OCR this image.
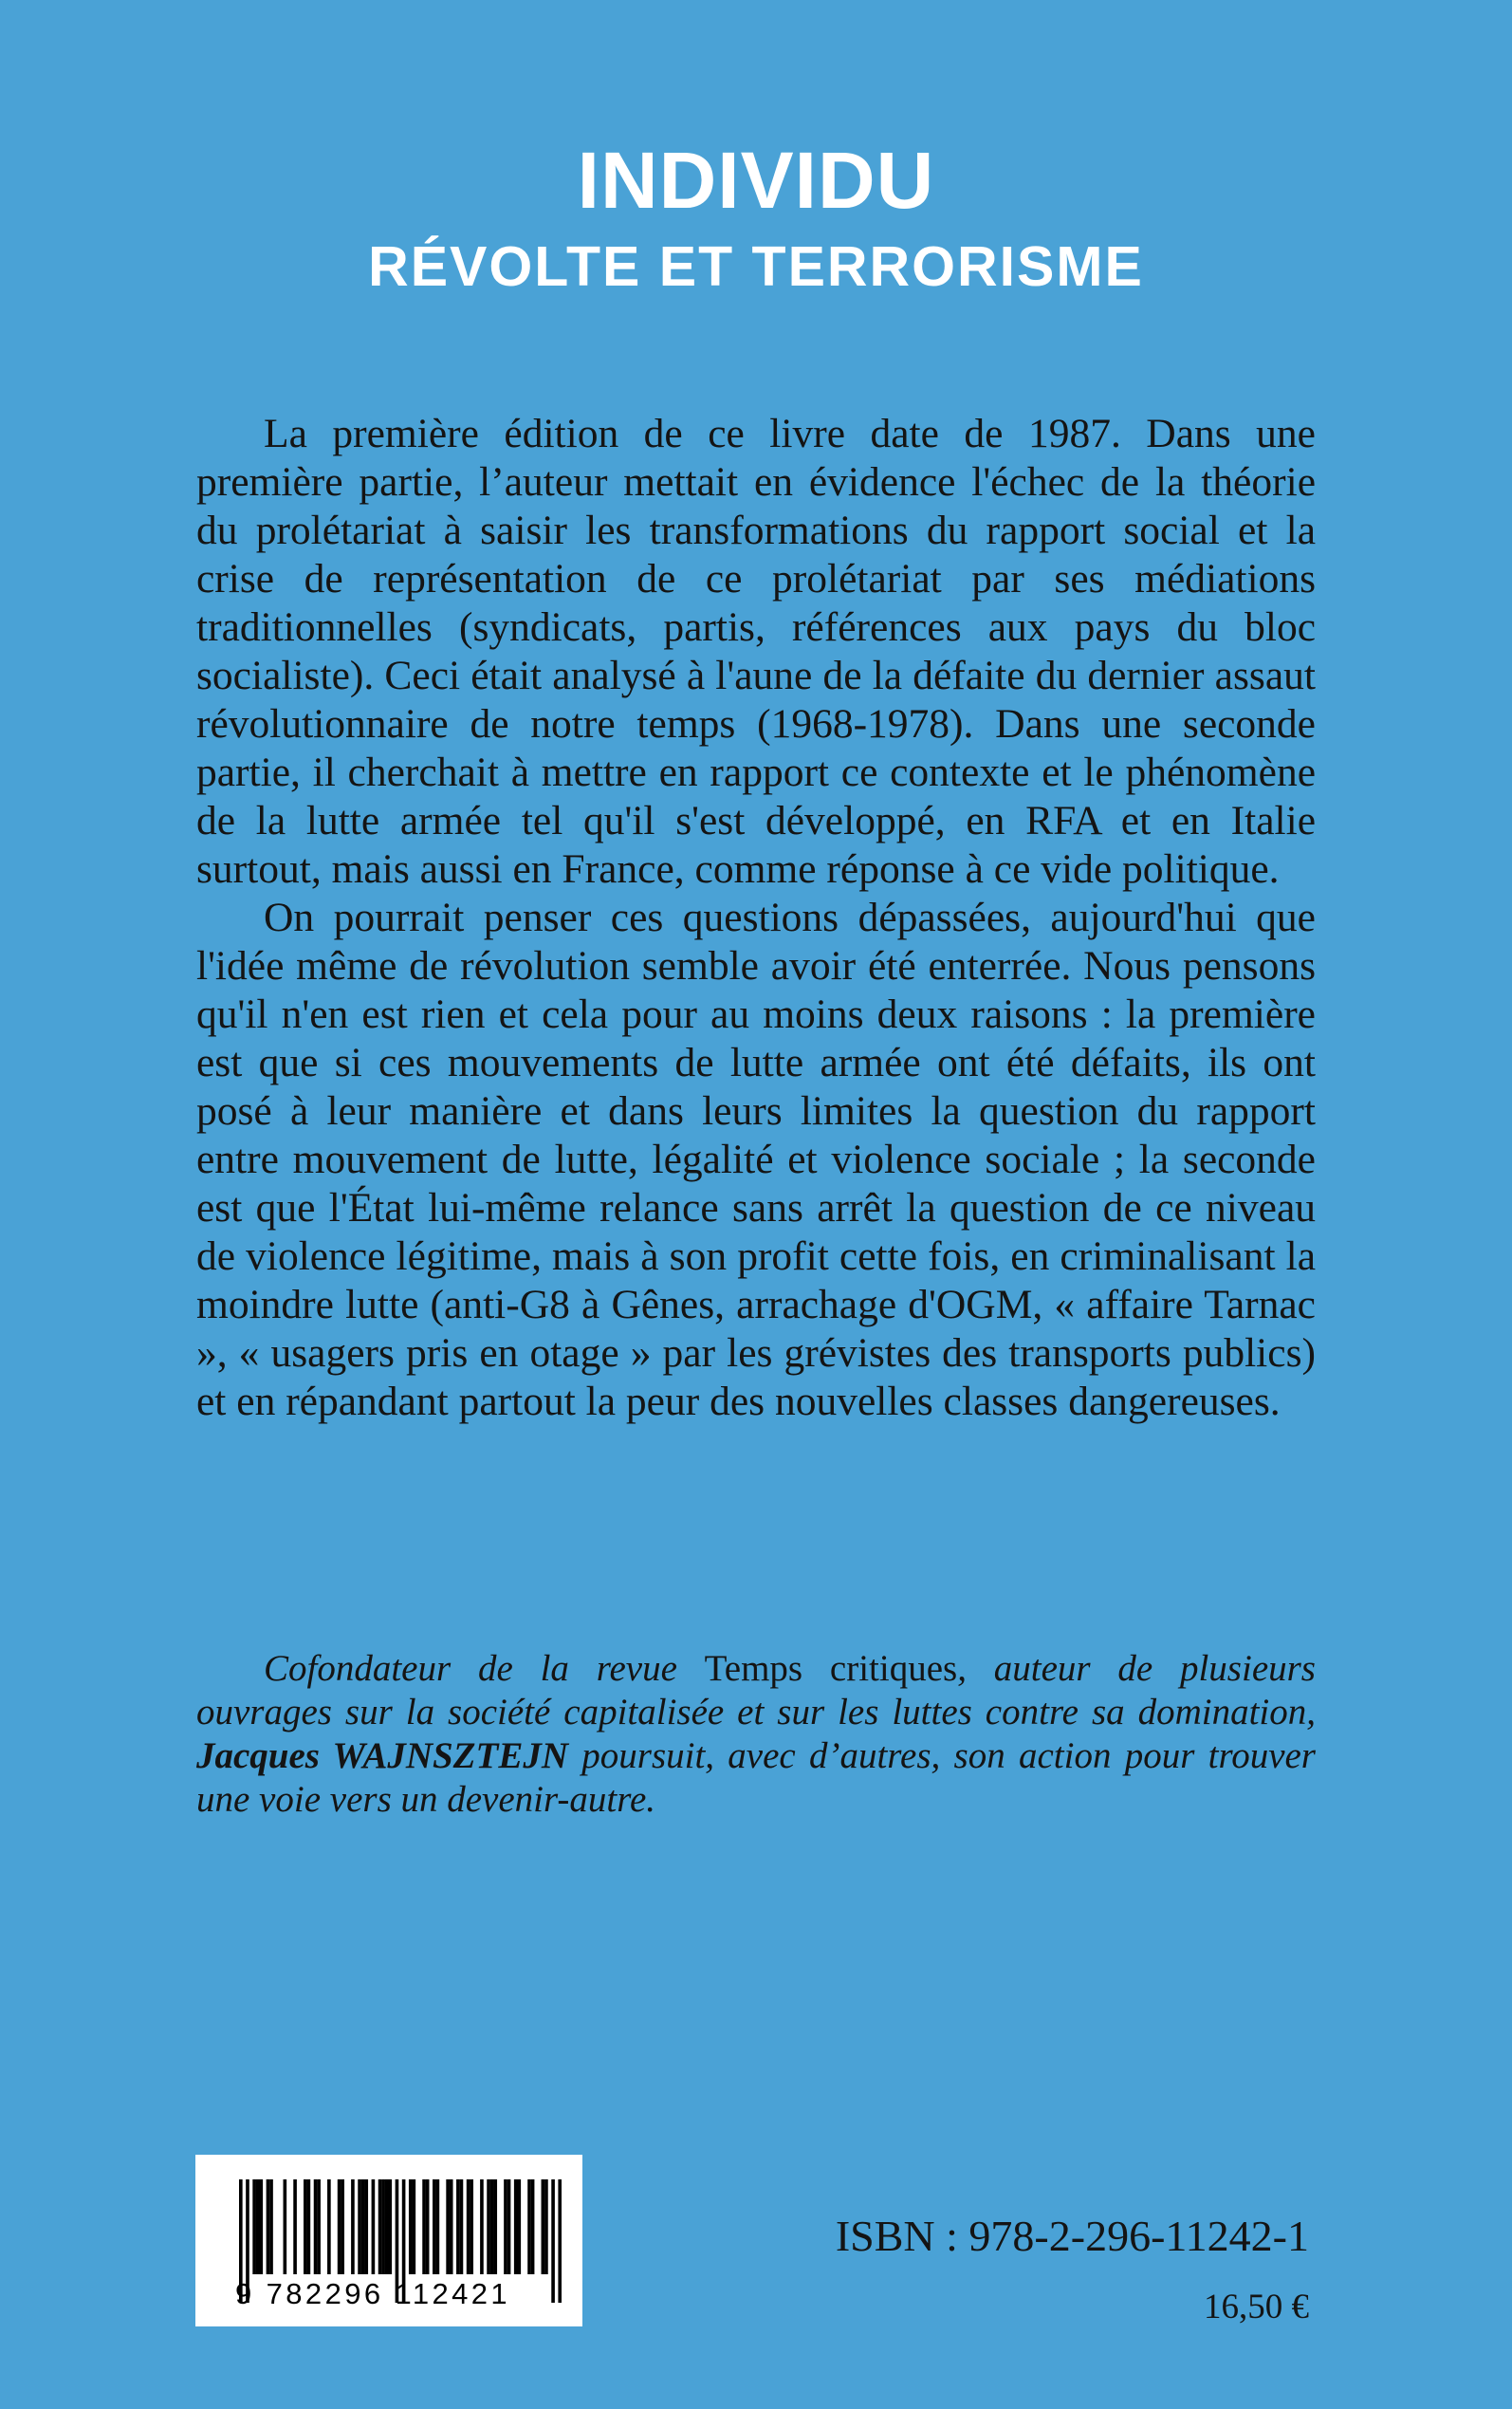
INDIVIDU
RÉVOLTE ET TERRORISME

La première édition de ce livre date de 1987. Dans une première partie, l’auteur mettait en évidence l'échec de la théorie du prolétariat à saisir les transformations du rapport social et la crise de représentation de ce prolétariat par ses médiations traditionnelles (syndicats, partis, références aux pays du bloc socialiste). Ceci était analysé à l'aune de la défaite du dernier assaut révolutionnaire de notre temps (1968-1978). Dans une seconde partie, il cherchait à mettre en rapport ce contexte et le phénomène de la lutte armée tel qu'il s'est développé, en RFA et en Italie surtout, mais aussi en France, comme réponse à ce vide politique.

On pourrait penser ces questions dépassées, aujourd'hui que l'idée même de révolution semble avoir été enterrée. Nous pensons qu'il n'en est rien et cela pour au moins deux raisons : la première est que si ces mouvements de lutte armée ont été défaits, ils ont posé à leur manière et dans leurs limites la question du rapport entre mouvement de lutte, légalité et violence sociale ; la seconde est que l'État lui-même relance sans arrêt la question de ce niveau de violence légitime, mais à son profit cette fois, en criminalisant la moindre lutte (anti-G8 à Gênes, arrachage d'OGM, « affaire Tarnac », « usagers pris en otage » par les grévistes des transports publics) et en répandant partout la peur des nouvelles classes dangereuses.

Cofondateur de la revue Temps critiques, auteur de plusieurs ouvrages sur la société capitalisée et sur les luttes contre sa domination, Jacques WAJNSZTEJN poursuit, avec d’autres, son action pour trouver une voie vers un devenir-autre.

9 782296 112421
ISBN : 978-2-296-11242-1
16,50 €
